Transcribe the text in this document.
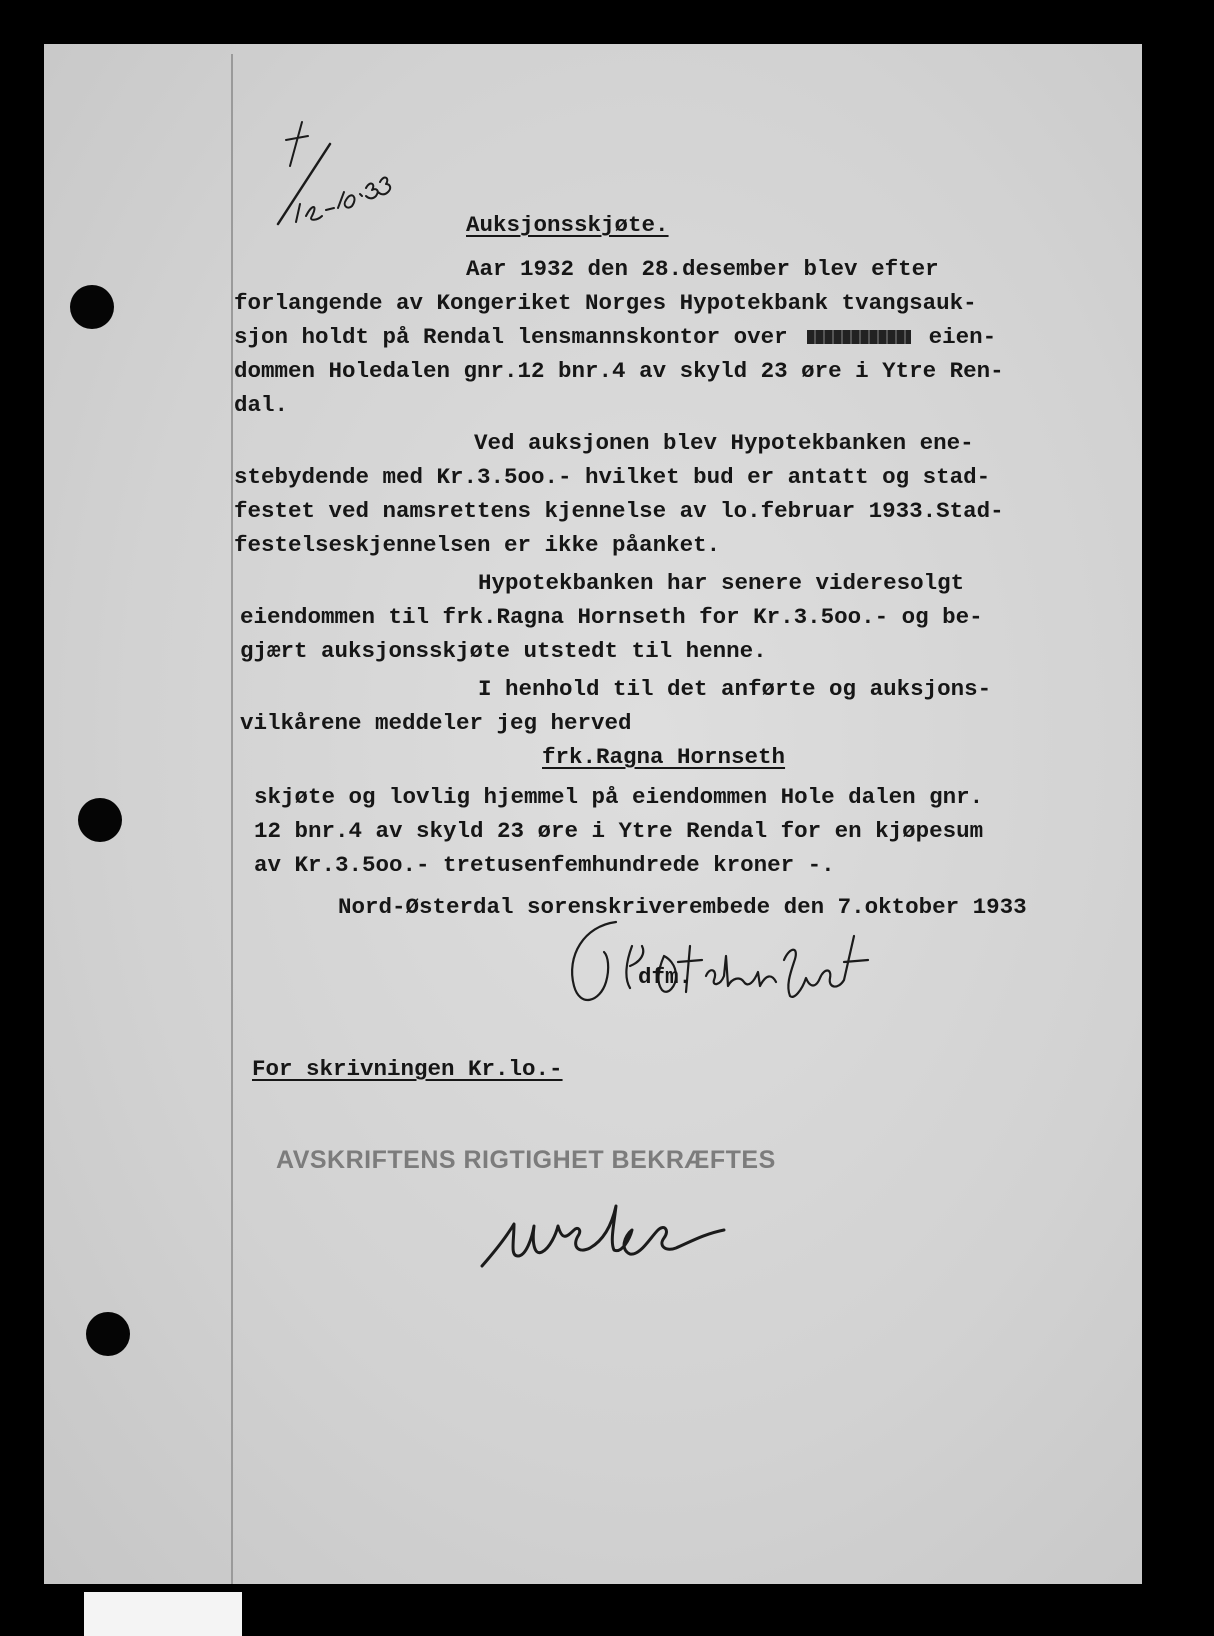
Auksjonsskjøte.
Aar 1932 den 28.desember blev efter
forlangende av Kongeriket Norges Hypotekbank tvangsauk-
sjon holdt på Rendal lensmannskontor over	eien-
dommen Holedalen gnr.12 bnr.4 av skyld 23 øre i Ytre Ren-
dal.
Ved auksjonen blev Hypotekbanken ene-
stebydende med Kr.3.5oo.- hvilket bud er antatt og stad-
festet ved namsrettens kjennelse av lo.februar 1933.Stad-
festelseskjennelsen er ikke påanket.
Hypotekbanken har senere videresolgt
eiendommen til frk.Ragna Hornseth for Kr.3.5oo.- og be-
gjært auksjonsskjøte utstedt til henne.
I henhold til det anførte og auksjons-
vilkårene meddeler jeg herved
frk.Ragna Hornseth
skjøte og lovlig hjemmel på eiendommen Hole dalen gnr.
12 bnr.4 av skyld 23 øre i Ytre Rendal for en kjøpesum
av Kr.3.5oo.- tretusenfemhundrede kroner -.
Nord-Østerdal sorenskriverembede den 7.oktober 1933
dfm.
For skrivningen Kr.lo.-
AVSKRIFTENS RIGTIGHET BEKRÆFTES
